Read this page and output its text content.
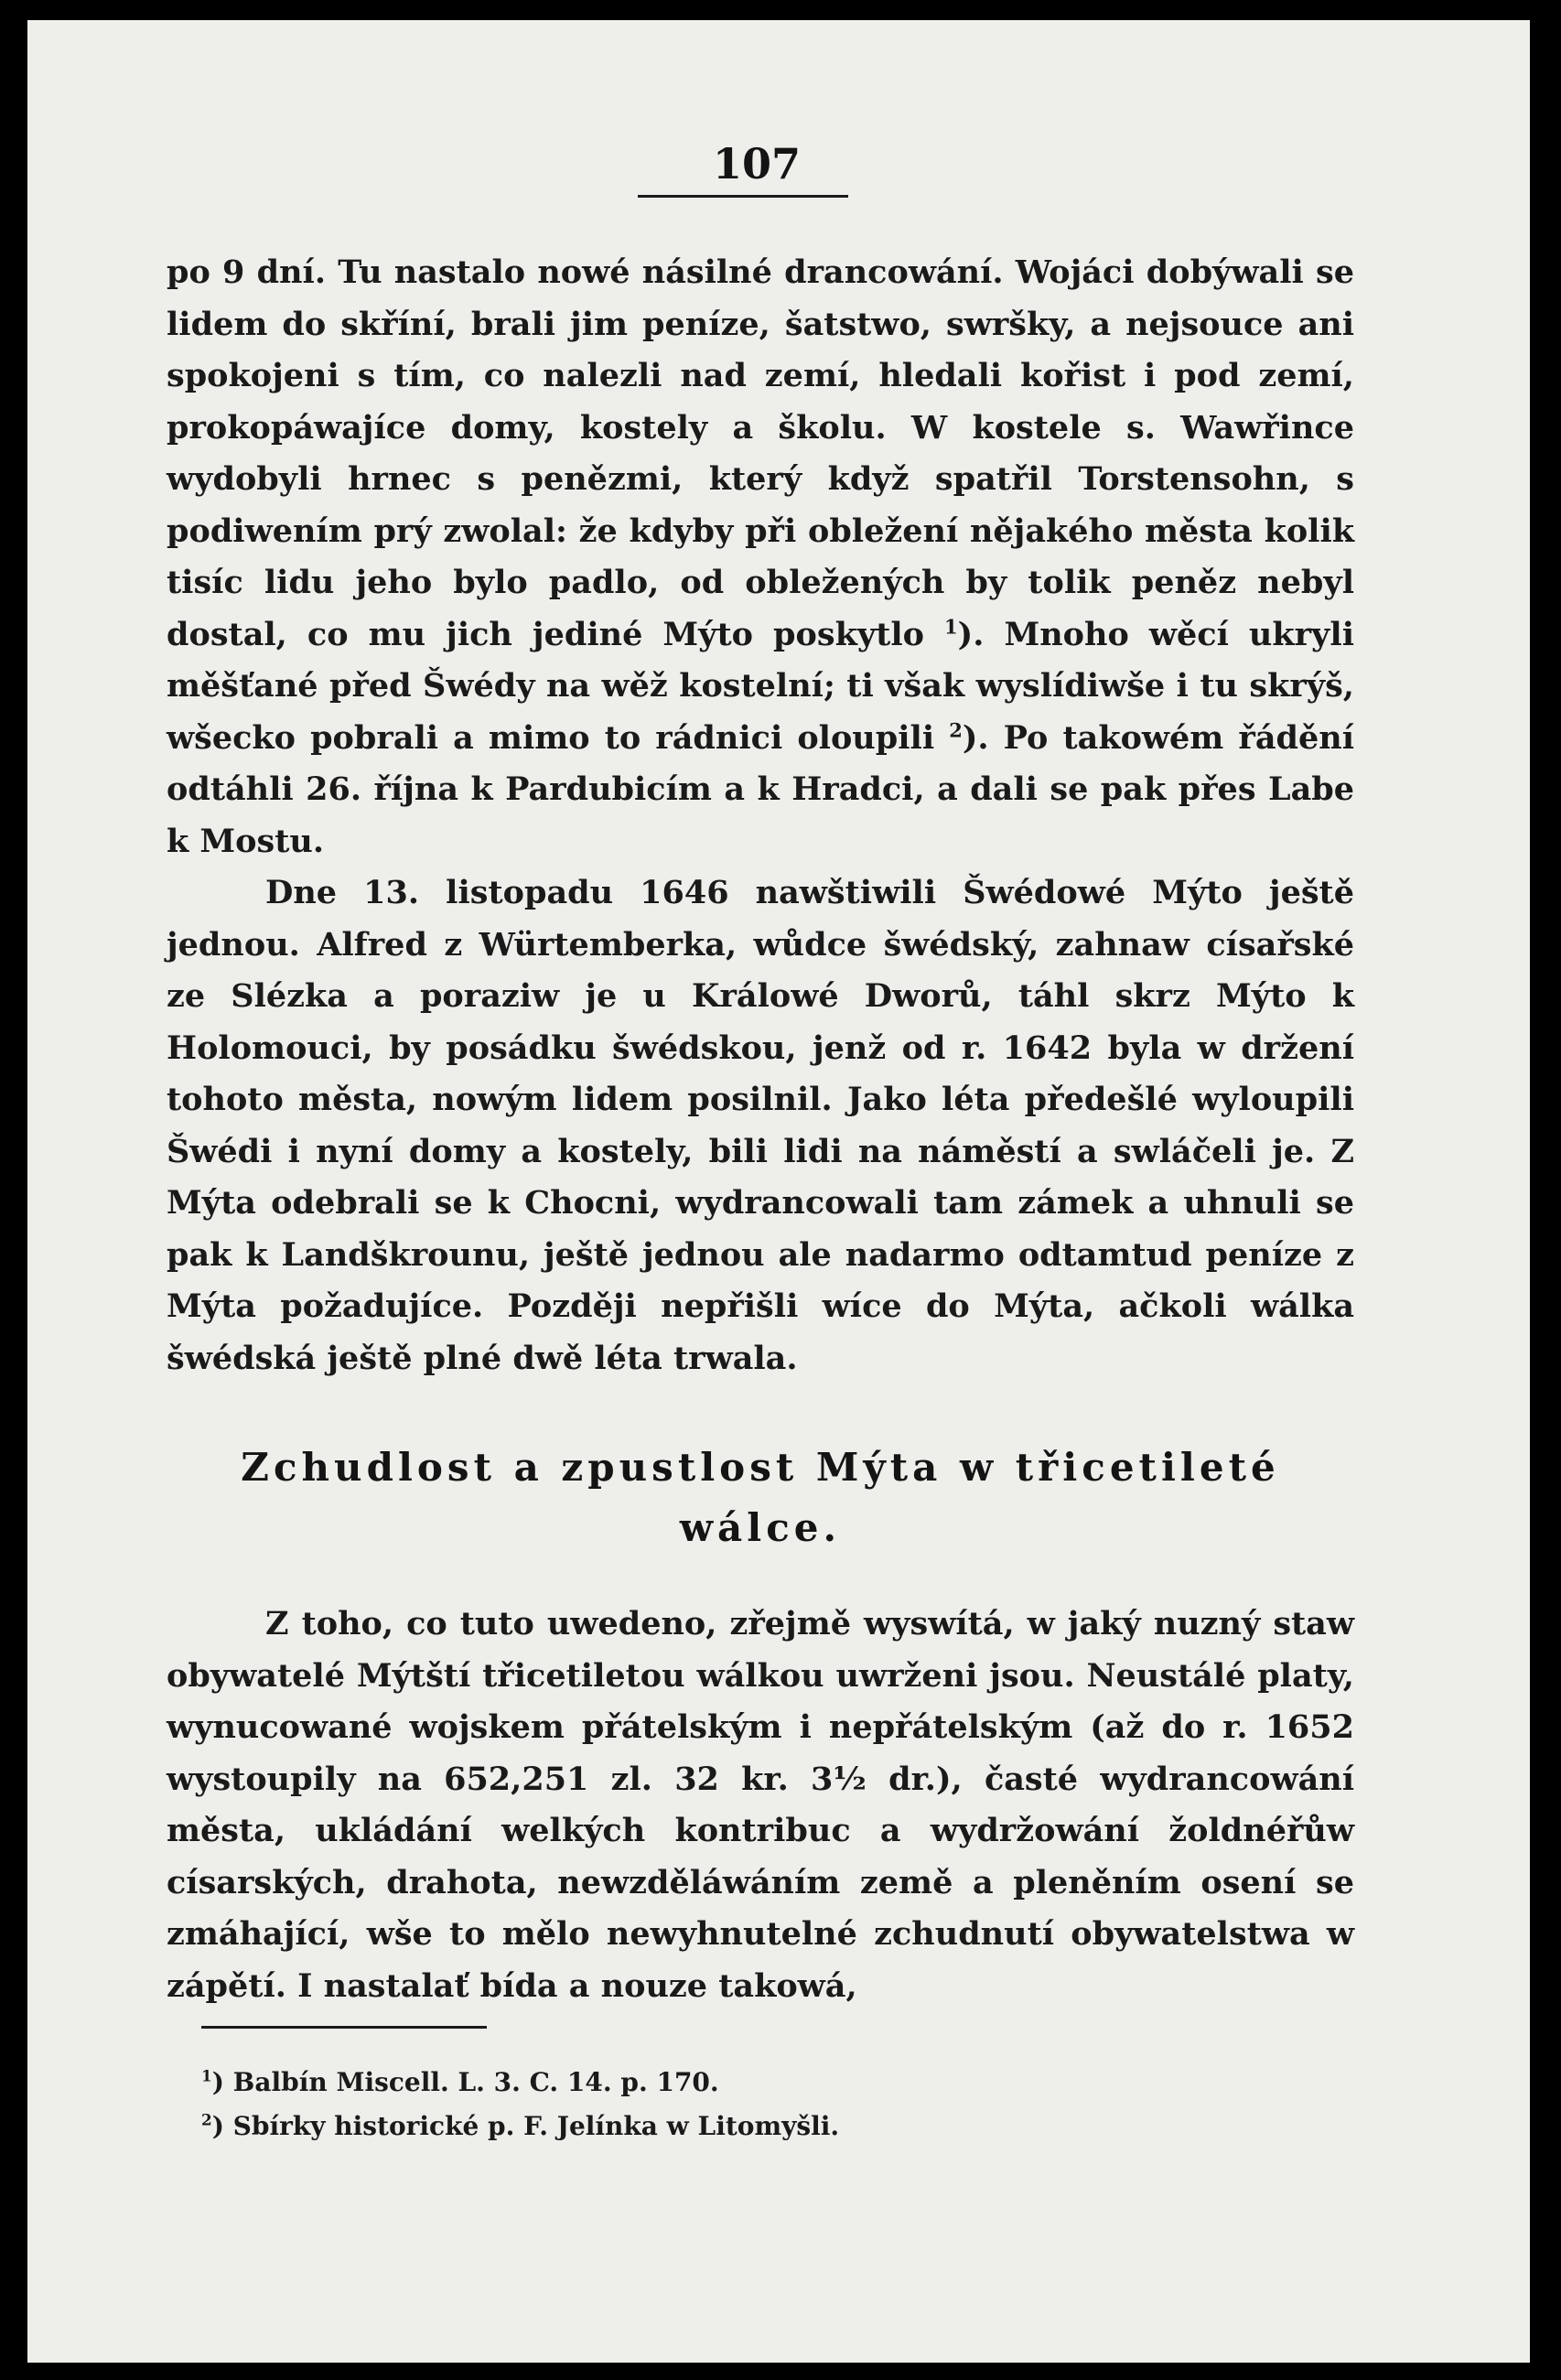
107

po 9 dní. Tu nastalo nowé násilné drancowání. Wojáci dobýwali se lidem do skříní, brali jim peníze, šatstwo, swršky, a nejsouce ani spokojeni s tím, co nalezli nad zemí, hledali kořist i pod zemí, prokopáwajíce domy, kostely a školu. W kostele s. Wawřince wydobyli hrnec s penězmi, který když spatřil Torstensohn, s podiwením prý zwolal: že kdyby při obležení nějakého města kolik tisíc lidu jeho bylo padlo, od obležených by tolik peněz nebyl dostal, co mu jich jediné Mýto poskytlo $^1$). Mnoho wěcí ukryli měšťané před Šwédy na wěž kostelní; ti však wyslídiwše i tu skrýš, wšecko pobrali a mimo to rádnici oloupili $^2$). Po takowém řádění odtáhli 26. října k Pardubicím a k Hradci, a dali se pak přes Labe k Mostu.

Dne 13. listopadu 1646 nawštiwili Šwédowé Mýto ještě jednou. Alfred z Würtemberka, wůdce šwédský, zahnaw císařské ze Slézka a poraziw je u Králowé Dworů, táhl skrz Mýto k Holomouci, by posádku šwédskou, jenž od r. 1642 byla w držení tohoto města, nowým lidem posilnil. Jako léta předešlé wyloupili Šwédi i nyní domy a kostely, bili lidi na náměstí a swláčeli je. Z Mýta odebrali se k Chocni, wydrancowali tam zámek a uhnuli se pak k Landškrounu, ještě jednou ale nadarmo odtamtud peníze z Mýta požadujíce. Později nepřišli wíce do Mýta, ačkoli wálka šwédská ještě plné dwě léta trwala.

Zchudlost a zpustlost Mýta w třicetileté wálce.

Z toho, co tuto uwedeno, zřejmě wyswítá, w jaký nuzný staw obywatelé Mýtští třicetiletou wálkou uwrženi jsou. Neustálé platy, wynucowané wojskem přátelským i nepřátelským (až do r. 1652 wystoupily na 652,251 zl. 32 kr. 3½ dr.), časté wydrancowání města, ukládání welkých kontribuc a wydržowání žoldnéřůw císarských, drahota, newzděláwáním země a pleněním osení se zmáhající, wše to mělo newyhnutelné zchudnutí obywatelstwa w zápětí. I nastalať bída a nouze takowá,

$^1$) Balbín Miscell. L. 3. C. 14. p. 170.
$^2$) Sbírky historické p. F. Jelínka w Litomyšli.
